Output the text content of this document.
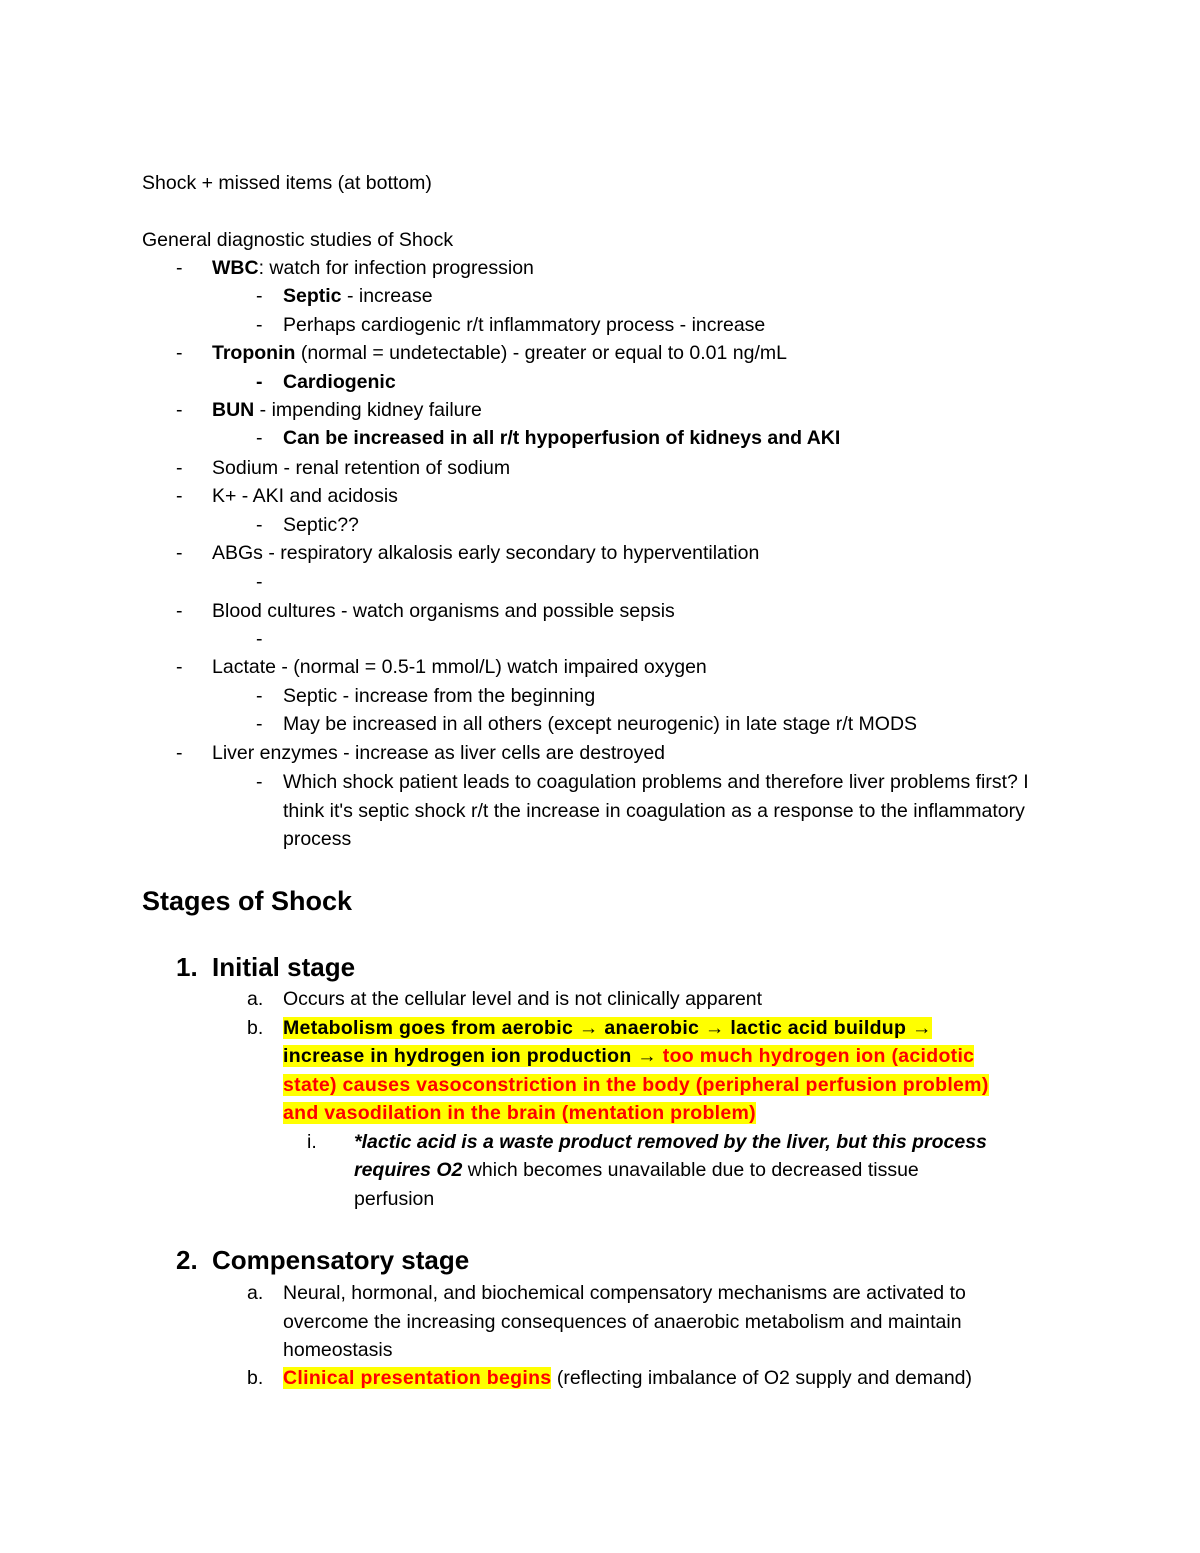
Shock + missed items (at bottom)
General diagnostic studies of Shock
- WBC: watch for infection progression
- Septic - increase
- Perhaps cardiogenic r/t inflammatory process - increase
- Troponin (normal = undetectable) - greater or equal to 0.01 ng/mL
- Cardiogenic
- BUN - impending kidney failure
- Can be increased in all r/t hypoperfusion of kidneys and AKI
- Sodium - renal retention of sodium
- K+ - AKI and acidosis
- Septic??
- ABGs - respiratory alkalosis early secondary to hyperventilation
-
- Blood cultures - watch organisms and possible sepsis
-
- Lactate - (normal = 0.5-1 mmol/L) watch impaired oxygen
- Septic - increase from the beginning
- May be increased in all others (except neurogenic) in late stage r/t MODS
- Liver enzymes - increase as liver cells are destroyed
- Which shock patient leads to coagulation problems and therefore liver problems first? I think it's septic shock r/t the increase in coagulation as a response to the inflammatory process
Stages of Shock
1. Initial stage
a. Occurs at the cellular level and is not clinically apparent
b. Metabolism goes from aerobic → anaerobic → lactic acid buildup →
increase in hydrogen ion production → too much hydrogen ion (acidotic
state) causes vasoconstriction in the body (peripheral perfusion problem)
and vasodilation in the brain (mentation problem)
i. *lactic acid is a waste product removed by the liver, but this process
requires O2 which becomes unavailable due to decreased tissue
perfusion
2. Compensatory stage
a. Neural, hormonal, and biochemical compensatory mechanisms are activated to overcome the increasing consequences of anaerobic metabolism and maintain homeostasis
b. Clinical presentation begins (reflecting imbalance of O2 supply and demand)
